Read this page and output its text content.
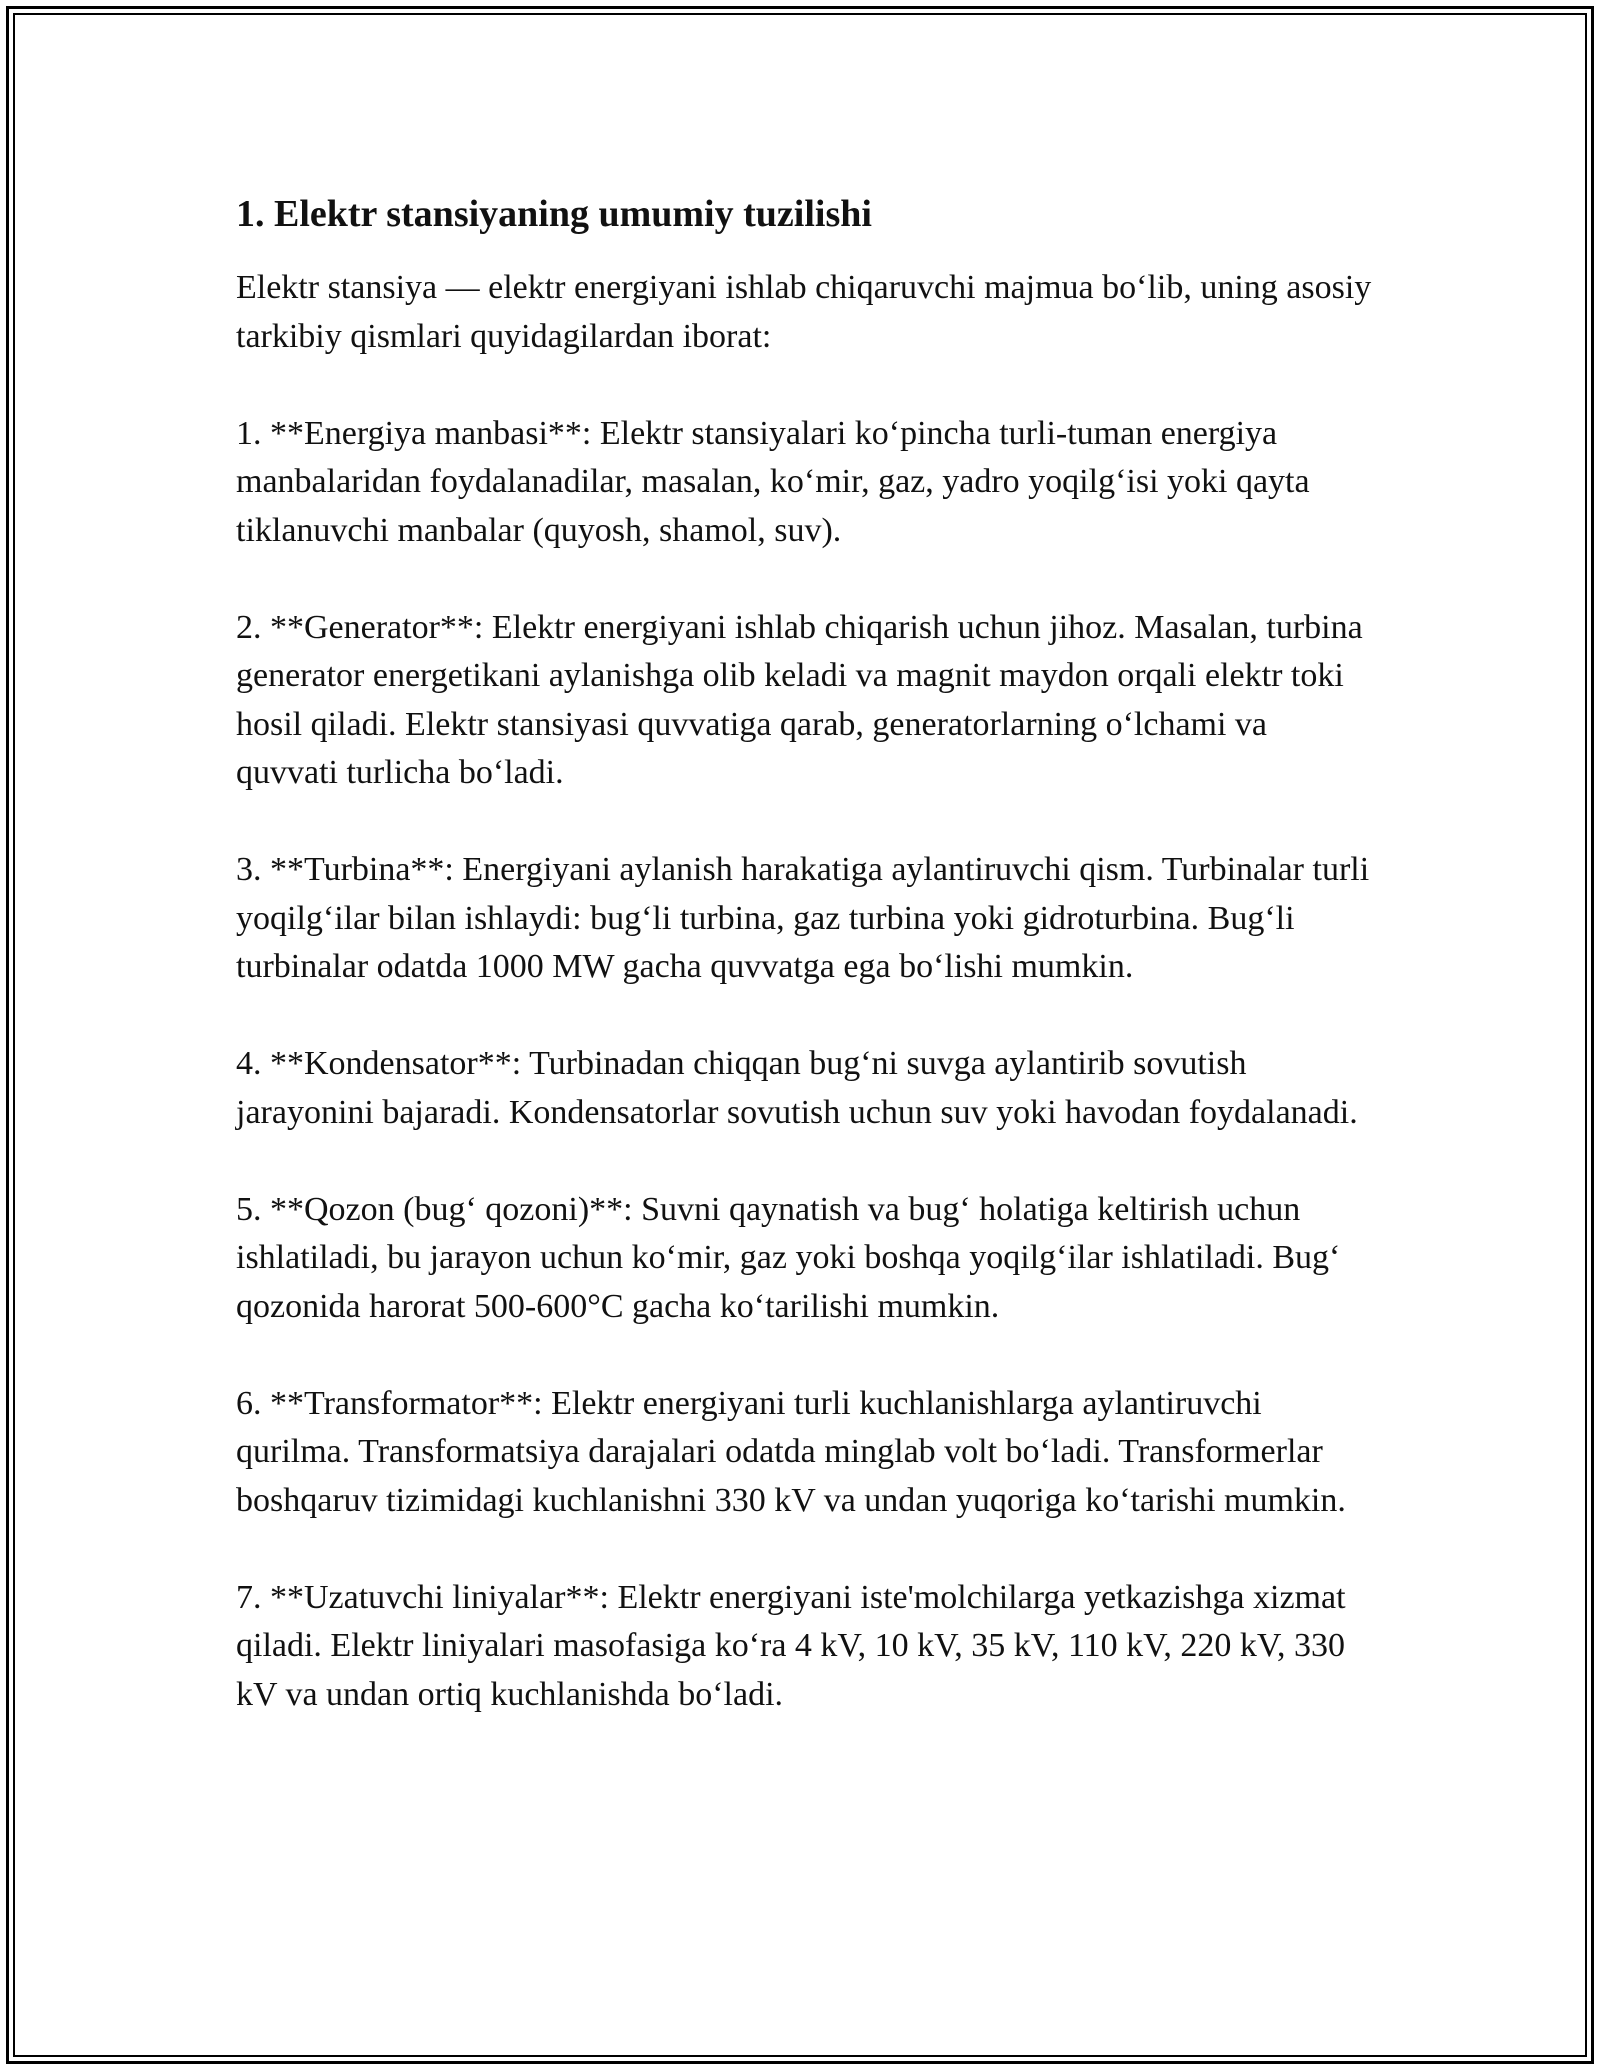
1. Elektr stansiyaning umumiy tuzilishi

Elektr stansiya — elektr energiyani ishlab chiqaruvchi majmua bo‘lib, uning asosiy tarkibiy qismlari quyidagilardan iborat:

1. **Energiya manbasi**: Elektr stansiyalari ko‘pincha turli-tuman energiya manbalaridan foydalanadilar, masalan, ko‘mir, gaz, yadro yoqilg‘isi yoki qayta tiklanuvchi manbalar (quyosh, shamol, suv).

2. **Generator**: Elektr energiyani ishlab chiqarish uchun jihoz. Masalan, turbina generator energetikani aylanishga olib keladi va magnit maydon orqali elektr toki hosil qiladi. Elektr stansiyasi quvvatiga qarab, generatorlarning o‘lchami va quvvati turlicha bo‘ladi.

3. **Turbina**: Energiyani aylanish harakatiga aylantiruvchi qism. Turbinalar turli yoqilg‘ilar bilan ishlaydi: bug‘li turbina, gaz turbina yoki gidroturbina. Bug‘li turbinalar odatda 1000 MW gacha quvvatga ega bo‘lishi mumkin.

4. **Kondensator**: Turbinadan chiqqan bug‘ni suvga aylantirib sovutish jarayonini bajaradi. Kondensatorlar sovutish uchun suv yoki havodan foydalanadi.

5. **Qozon (bug‘ qozoni)**: Suvni qaynatish va bug‘ holatiga keltirish uchun ishlatiladi, bu jarayon uchun ko‘mir, gaz yoki boshqa yoqilg‘ilar ishlatiladi. Bug‘ qozonida harorat 500-600°C gacha ko‘tarilishi mumkin.

6. **Transformator**: Elektr energiyani turli kuchlanishlarga aylantiruvchi qurilma. Transformatsiya darajalari odatda minglab volt bo‘ladi. Transformerlar boshqaruv tizimidagi kuchlanishni 330 kV va undan yuqoriga ko‘tarishi mumkin.

7. **Uzatuvchi liniyalar**: Elektr energiyani iste'molchilarga yetkazishga xizmat qiladi. Elektr liniyalari masofasiga ko‘ra 4 kV, 10 kV, 35 kV, 110 kV, 220 kV, 330 kV va undan ortiq kuchlanishda bo‘ladi.
